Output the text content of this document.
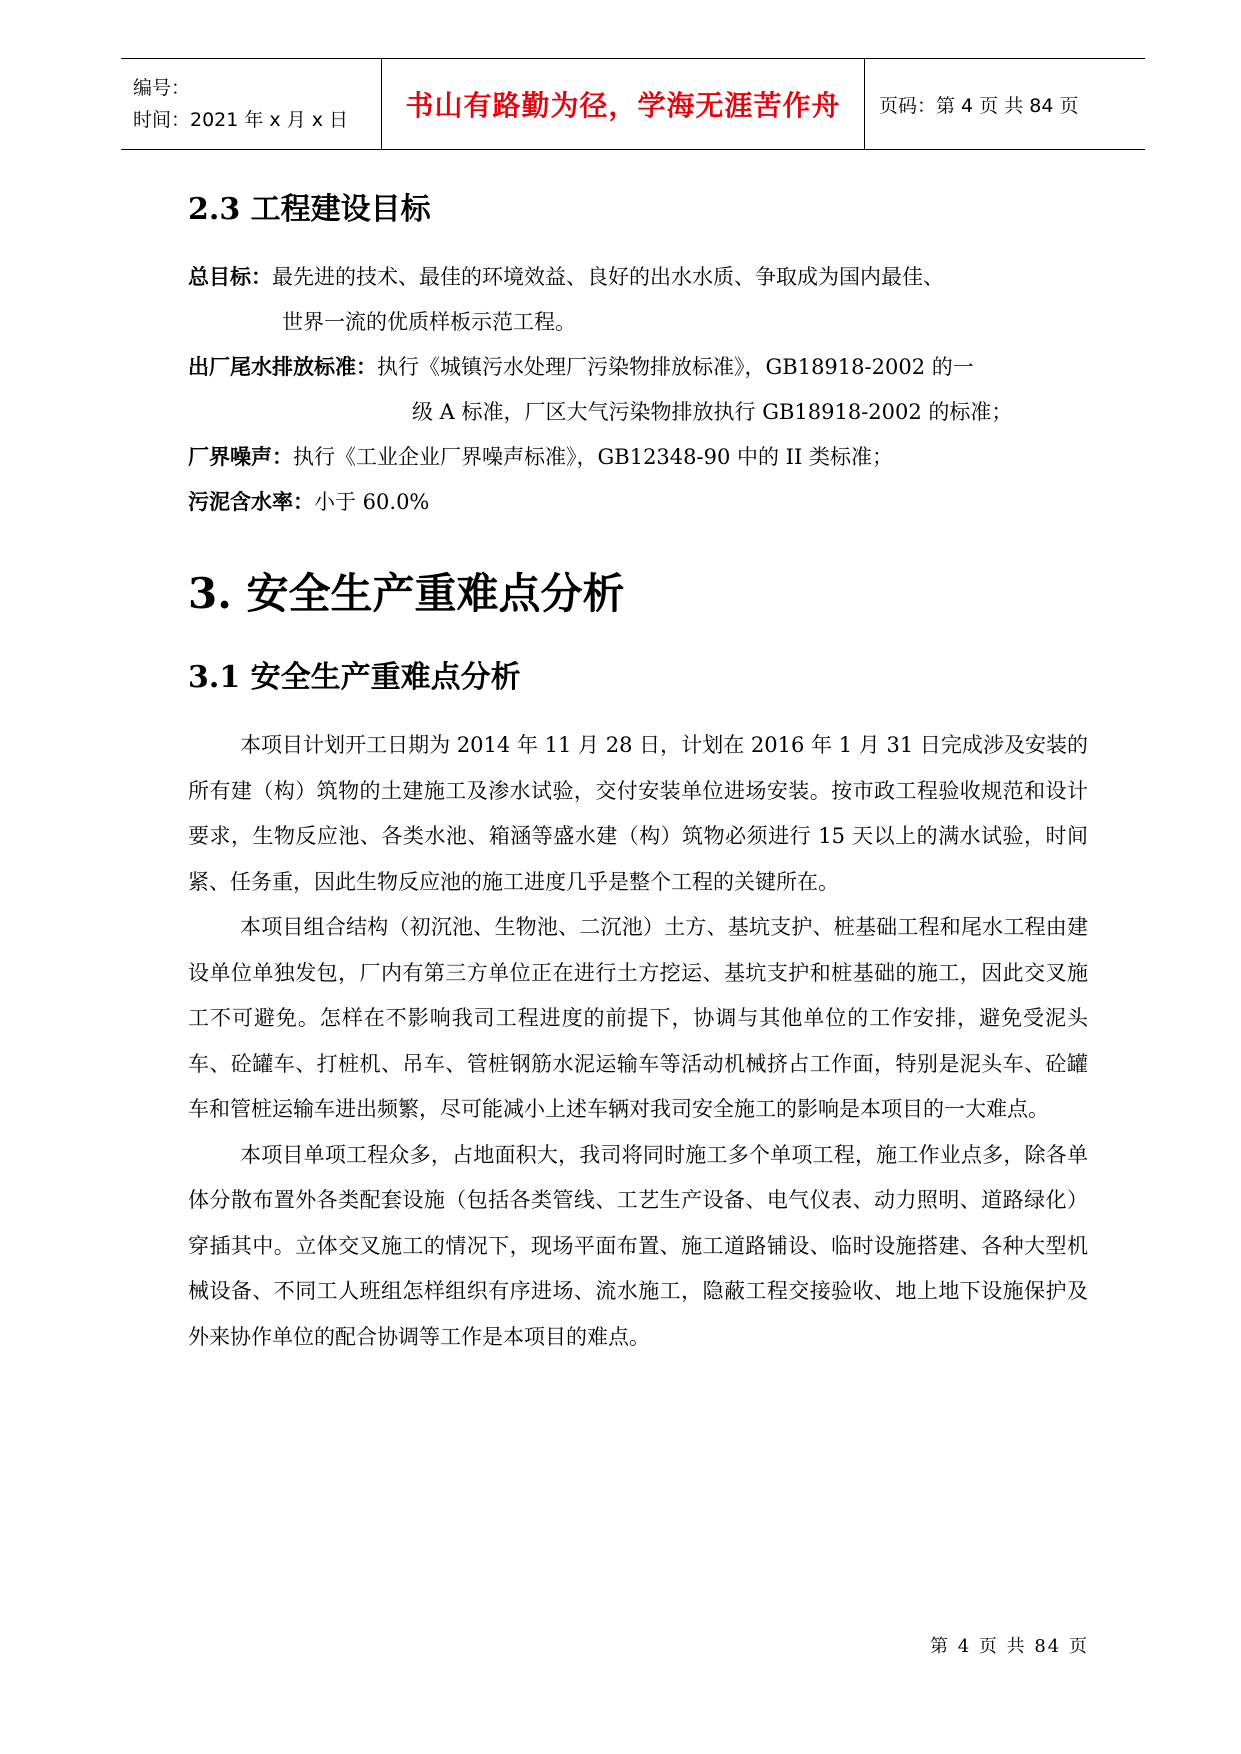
编号：
时间：2021 年 x 月 x 日	书山有路勤为径，学海无涯苦作舟	页码：第 4 页 共 84 页
2.3 工程建设目标
总目标：最先进的技术、最佳的环境效益、良好的出水水质、争取成为国内最佳、
世界一流的优质样板示范工程。
出厂尾水排放标准：执行《城镇污水处理厂污染物排放标准》，GB18918-2002 的一
级 A 标准，厂区大气污染物排放执行 GB18918-2002 的标准；
厂界噪声：执行《工业企业厂界噪声标准》，GB12348-90 中的 II 类标准；
污泥含水率：小于 60.0%
3. 安全生产重难点分析
3.1 安全生产重难点分析

本项目计划开工日期为 2014 年 11 月 28 日，计划在 2016 年 1 月 31 日完成涉及安装的所有建（构）筑物的土建施工及渗水试验，交付安装单位进场安装。按市政工程验收规范和设计要求，生物反应池、各类水池、箱涵等盛水建（构）筑物必须进行 15 天以上的满水试验，时间紧、任务重，因此生物反应池的施工进度几乎是整个工程的关键所在。

本项目组合结构（初沉池、生物池、二沉池）土方、基坑支护、桩基础工程和尾水工程由建设单位单独发包，厂内有第三方单位正在进行土方挖运、基坑支护和桩基础的施工，因此交叉施工不可避免。怎样在不影响我司工程进度的前提下，协调与其他单位的工作安排，避免受泥头车、砼罐车、打桩机、吊车、管桩钢筋水泥运输车等活动机械挤占工作面，特别是泥头车、砼罐车和管桩运输车进出频繁，尽可能减小上述车辆对我司安全施工的影响是本项目的一大难点。

本项目单项工程众多，占地面积大，我司将同时施工多个单项工程，施工作业点多，除各单体分散布置外各类配套设施（包括各类管线、工艺生产设备、电气仪表、动力照明、道路绿化）穿插其中。立体交叉施工的情况下，现场平面布置、施工道路铺设、临时设施搭建、各种大型机械设备、不同工人班组怎样组织有序进场、流水施工，隐蔽工程交接验收、地上地下设施保护及外来协作单位的配合协调等工作是本项目的难点。

第 4 页 共 84 页
